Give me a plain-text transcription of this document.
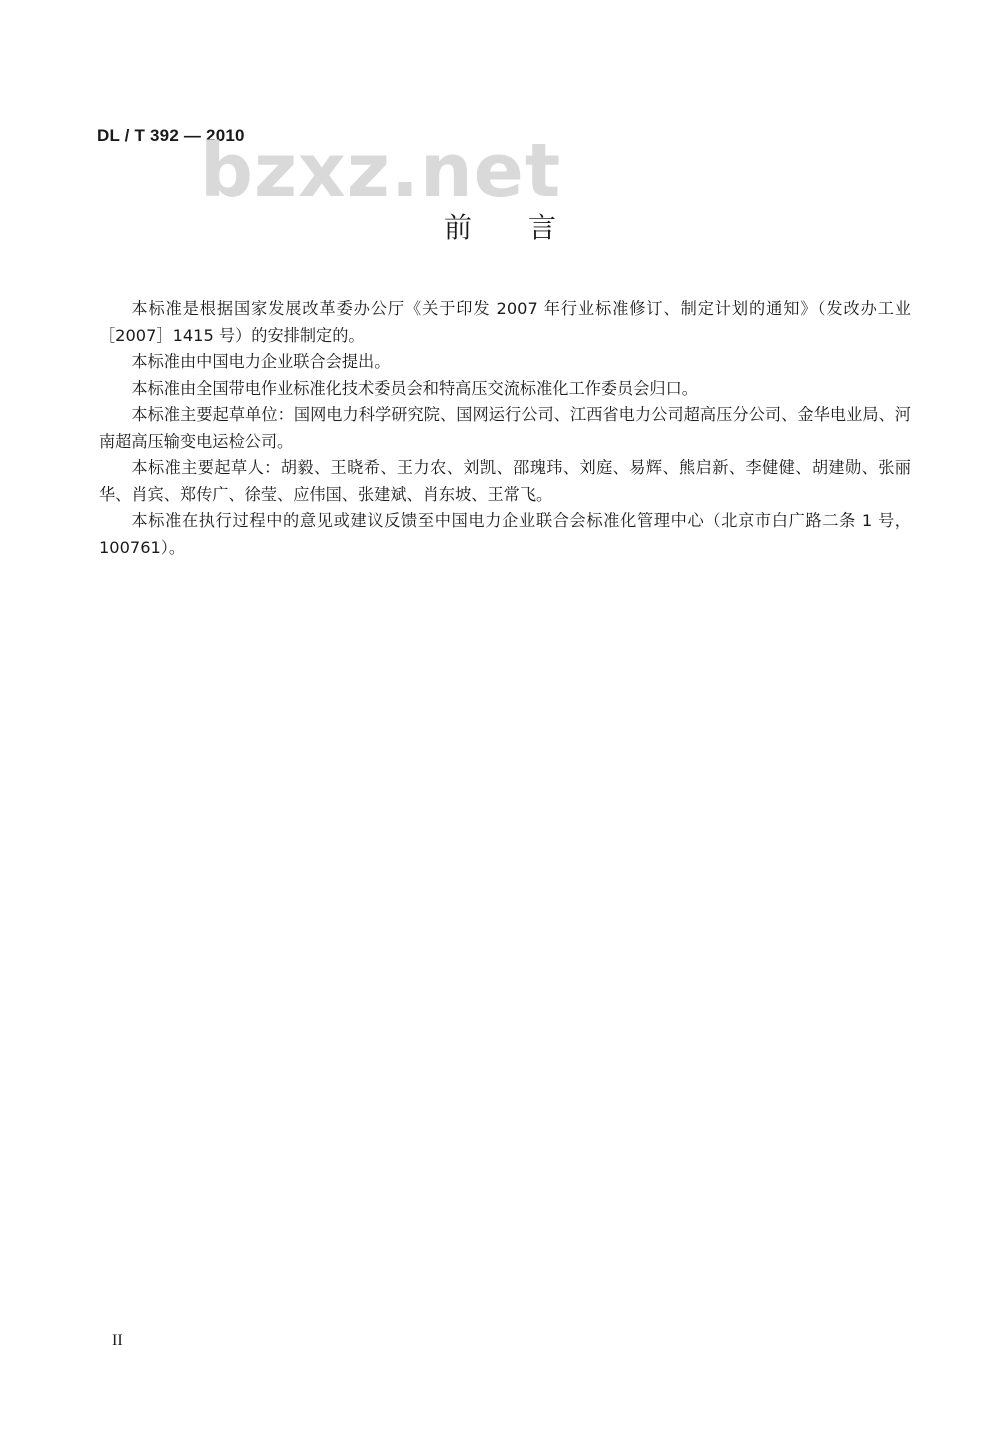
DL / T 392 — 2010
bzxz.net
前言

本标准是根据国家发展改革委办公厅《关于印发 2007 年行业标准修订、制定计划的通知》（发改办工业［2007］1415 号）的安排制定的。

本标准由中国电力企业联合会提出。

本标准由全国带电作业标准化技术委员会和特高压交流标准化工作委员会归口。

本标准主要起草单位：国网电力科学研究院、国网运行公司、江西省电力公司超高压分公司、金华电业局、河南超高压输变电运检公司。

本标准主要起草人：胡毅、王晓希、王力农、刘凯、邵瑰玮、刘庭、易辉、熊启新、李健健、胡建勋、张丽华、肖宾、郑传广、徐莹、应伟国、张建斌、肖东坡、王常飞。

本标准在执行过程中的意见或建议反馈至中国电力企业联合会标准化管理中心（北京市白广路二条 1 号，100761）。

II
